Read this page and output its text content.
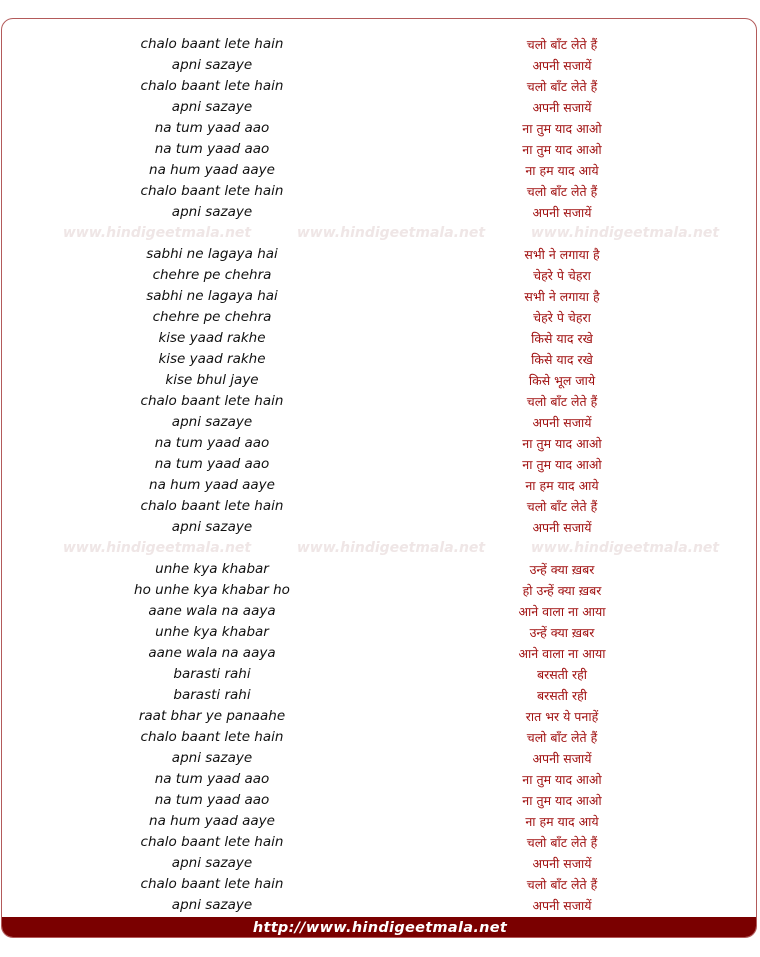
chalo baant lete hain	चलो बाँट लेते हैं
apni sazaye	अपनी सजायें
chalo baant lete hain	चलो बाँट लेते हैं
apni sazaye	अपनी सजायें
na tum yaad aao	ना तुम याद आओ
na tum yaad aao	ना तुम याद आओ
na hum yaad aaye	ना हम याद आये
chalo baant lete hain	चलो बाँट लेते हैं
apni sazaye	अपनी सजायें
www.hindigeetmala.net	www.hindigeetmala.net	www.hindigeetmala.net
sabhi ne lagaya hai	सभी ने लगाया है
chehre pe chehra	चेहरे पे चेहरा
sabhi ne lagaya hai	सभी ने लगाया है
chehre pe chehra	चेहरे पे चेहरा
kise yaad rakhe	किसे याद रखे
kise yaad rakhe	किसे याद रखे
kise bhul jaye	किसे भूल जाये
chalo baant lete hain	चलो बाँट लेते हैं
apni sazaye	अपनी सजायें
na tum yaad aao	ना तुम याद आओ
na tum yaad aao	ना तुम याद आओ
na hum yaad aaye	ना हम याद आये
chalo baant lete hain	चलो बाँट लेते हैं
apni sazaye	अपनी सजायें
www.hindigeetmala.net	www.hindigeetmala.net	www.hindigeetmala.net
unhe kya khabar	उन्हें क्या ख़बर
ho unhe kya khabar ho	हो उन्हें क्या ख़बर
aane wala na aaya	आने वाला ना आया
unhe kya khabar	उन्हें क्या ख़बर
aane wala na aaya	आने वाला ना आया
barasti rahi	बरसती रही
barasti rahi	बरसती रही
raat bhar ye panaahe	रात भर ये पनाहें
chalo baant lete hain	चलो बाँट लेते हैं
apni sazaye	अपनी सजायें
na tum yaad aao	ना तुम याद आओ
na tum yaad aao	ना तुम याद आओ
na hum yaad aaye	ना हम याद आये
chalo baant lete hain	चलो बाँट लेते हैं
apni sazaye	अपनी सजायें
chalo baant lete hain	चलो बाँट लेते हैं
apni sazaye	अपनी सजायें
http://www.hindigeetmala.net
